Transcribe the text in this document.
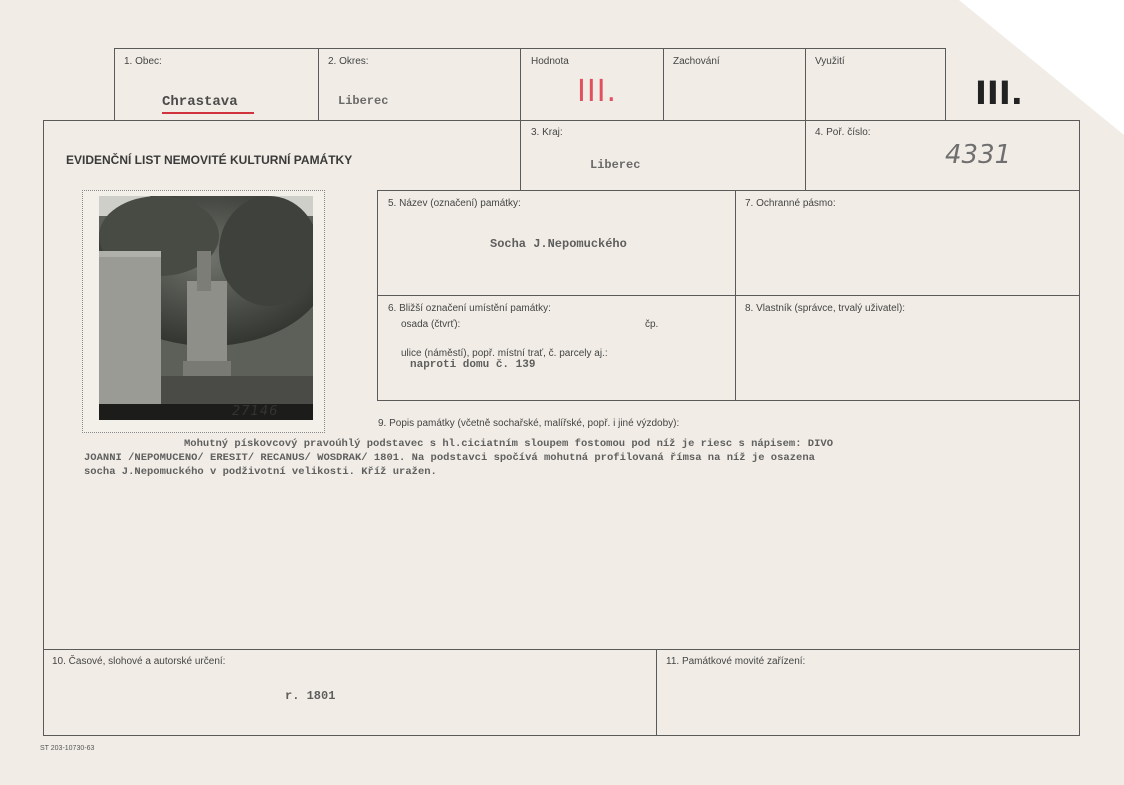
1. Obec:
Chrastava
2. Okres:
Liberec
Hodnota
III.
Zachování	Využití
III.
EVIDENČNÍ LIST NEMOVITÉ KULTURNÍ PAMÁTKY
3. Kraj:
Liberec
4. Poř. číslo:
4331
27146
5. Název (označení) památky:
Socha J.Nepomuckého
7. Ochranné pásmo:
6. Bližší označení umístění památky:
osada (čtvrť):	čp.
ulice (náměstí), popř. místní trať, č. parcely aj.:
naproti domu č. 139
8. Vlastník (správce, trvalý uživatel):
9. Popis památky (včetně sochařské, malířské, popř. i jiné výzdoby):
Mohutný pískovcový pravoúhlý podstavec s hl.ciciatním sloupem fostomou pod níž je riesc s nápisem: DIVO
JOANNI /NEPOMUCENO/ ERESIT/ RECANUS/ WOSDRAK/ 1801. Na podstavci spočívá mohutná profilovaná římsa na níž je osazena
socha J.Nepomuckého v podživotní velikosti. Kříž uražen.
10. Časové, slohové a autorské určení:
r. 1801
11. Památkové movité zařízení:
ST 203-10730-63
